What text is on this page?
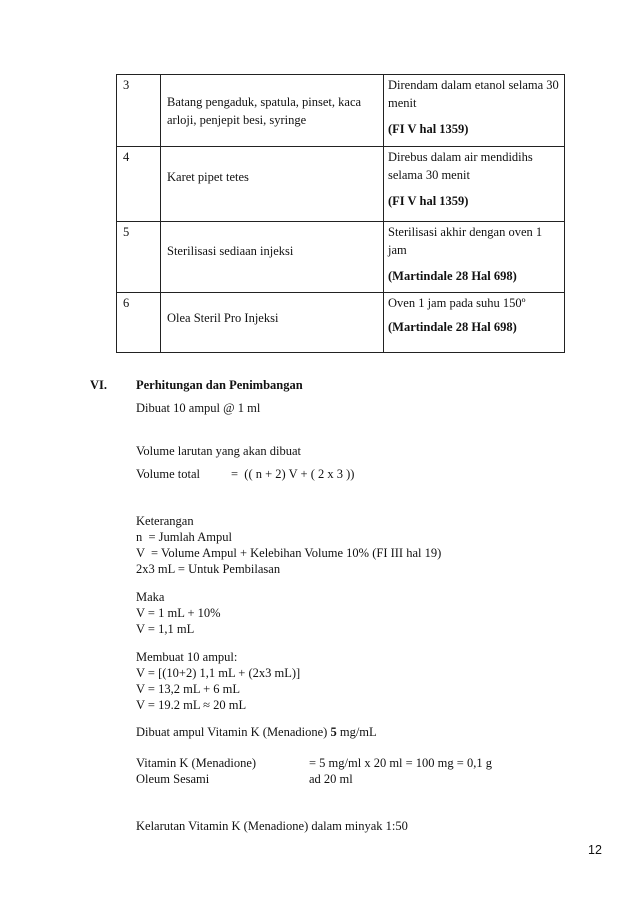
3	Batang pengaduk, spatula, pinset, kaca arloji, penjepit besi, syringe	Direndam dalam etanol selama 30 menit
(FI V hal 1359)

4	Karet pipet tetes	Direbus dalam air mendidihs selama 30 menit
(FI V hal 1359)

5	Sterilisasi sediaan injeksi	Sterilisasi akhir dengan oven 1 jam
(Martindale 28 Hal 698)

6	Olea Steril Pro Injeksi	Oven 1 jam pada suhu 150º
(Martindale 28 Hal 698)
VI. Perhitungan dan Penimbangan
Dibuat 10 ampul @ 1 ml
Volume larutan yang akan dibuat
Volume total =  (( n + 2) V + ( 2 x 3 ))
Keterangan
n  = Jumlah Ampul
V  = Volume Ampul + Kelebihan Volume 10% (FI III hal 19)
2x3 mL = Untuk Pembilasan
Maka
V = 1 mL + 10%
V = 1,1 mL
Membuat 10 ampul:
V = [(10+2) 1,1 mL + (2x3 mL)]
V = 13,2 mL + 6 mL
V = 19.2 mL ≈ 20 mL
Dibuat ampul Vitamin K (Menadione) 5 mg/mL
Vitamin K (Menadione)	= 5 mg/ml x 20 ml = 100 mg = 0,1 g
Oleum Sesami	ad 20 ml
Kelarutan Vitamin K (Menadione) dalam minyak 1:50
12
